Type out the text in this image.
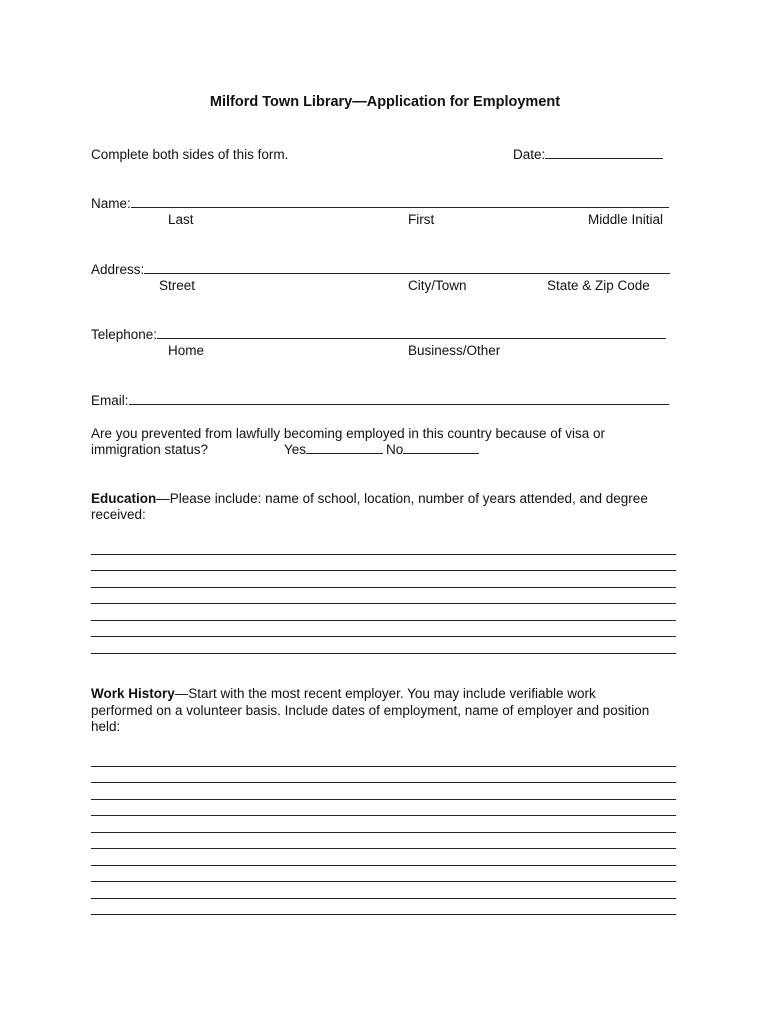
Milford Town Library—Application for Employment
Complete both sides of this form.	Date:
Name:
Last	First	Middle Initial
Address:
Street	City/Town	State & Zip Code
Telephone:
Home	Business/Other
Email:
Are you prevented from lawfully becoming employed in this country because of visa or
immigration status?	Yes	No
Education—Please include: name of school, location, number of years attended, and degree
received:
Work History—Start with the most recent employer. You may include verifiable work
performed on a volunteer basis. Include dates of employment, name of employer and position
held:
